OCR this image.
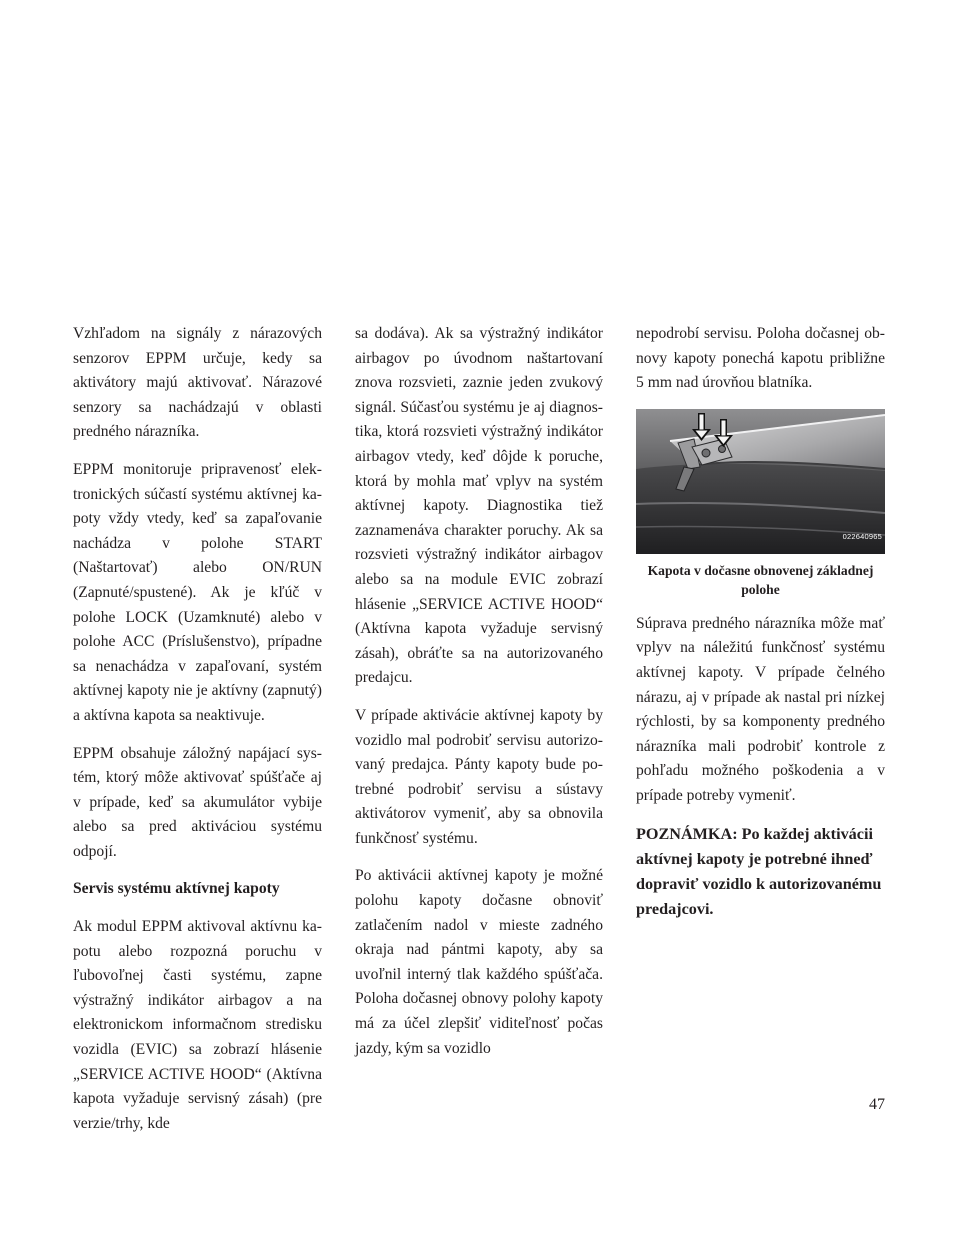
Vzhľadom na signály z nárazových senzorov EPPM určuje, kedy sa aktivátory majú aktivovať. Nárazové senzory sa nachádzajú v oblasti predného nárazníka.

EPPM monitoruje pripravenosť elektronických súčastí systému aktívnej kapoty vždy vtedy, keď sa zapaľovanie nachádza v polohe START (Naštartovať) alebo ON/RUN (Zapnuté/spustené). Ak je kľúč v polohe LOCK (Uzamknuté) alebo v polohe ACC (Príslušenstvo), prípadne sa nenachádza v zapaľovaní, systém aktívnej kapoty nie je aktívny (zapnutý) a aktívna kapota sa neaktivuje.

EPPM obsahuje záložný napájací systém, ktorý môže aktivovať spúšťače aj v prípade, keď sa akumulátor vybije alebo sa pred aktiváciou systému odpojí.

Servis systému aktívnej kapoty

Ak modul EPPM aktivoval aktívnu kapotu alebo rozpozná poruchu v ľubovoľnej časti systému, zapne výstražný indikátor airbagov a na elektronickom informačnom stredisku vozidla (EVIC) sa zobrazí hlásenie „SERVICE ACTIVE HOOD“ (Aktívna kapota vyžaduje servisný zásah) (pre verzie/trhy, kde

sa dodáva). Ak sa výstražný indikátor airbagov po úvodnom naštartovaní znova rozsvieti, zaznie jeden zvukový signál. Súčasťou systému je aj diagnostika, ktorá rozsvieti výstražný indikátor airbagov vtedy, keď dôjde k poruche, ktorá by mohla mať vplyv na systém aktívnej kapoty. Diagnostika tiež zaznamenáva charakter poruchy. Ak sa rozsvieti výstražný indikátor airbagov alebo sa na module EVIC zobrazí hlásenie „SERVICE ACTIVE HOOD“ (Aktívna kapota vyžaduje servisný zásah), obráťte sa na autorizovaného predajcu.

V prípade aktivácie aktívnej kapoty by vozidlo mal podrobiť servisu autorizovaný predajca. Pánty kapoty bude potrebné podrobiť servisu a sústavy aktivátorov vymeniť, aby sa obnovila funkčnosť systému.

Po aktivácii aktívnej kapoty je možné polohu kapoty dočasne obnoviť zatlačením nadol v mieste zadného okraja nad pántmi kapoty, aby sa uvoľnil interný tlak každého spúšťača. Poloha dočasnej obnovy polohy kapoty má za účel zlepšiť viditeľnosť počas jazdy, kým sa vozidlo

nepodrobí servisu. Poloha dočasnej obnovy kapoty ponechá kapotu približne 5 mm nad úrovňou blatníka.

022640965

Kapota v dočasne obnovenej základnej polohe

Súprava predného nárazníka môže mať vplyv na náležitú funkčnosť systému aktívnej kapoty. V prípade čelného nárazu, aj v prípade ak nastal pri nízkej rýchlosti, by sa komponenty predného nárazníka mali podrobiť kontrole z pohľadu možného poškodenia a v prípade potreby vymeniť.

POZNÁMKA: Po každej aktivácii aktívnej kapoty je potrebné ihneď dopraviť vozidlo k autorizovanému predajcovi.

47
